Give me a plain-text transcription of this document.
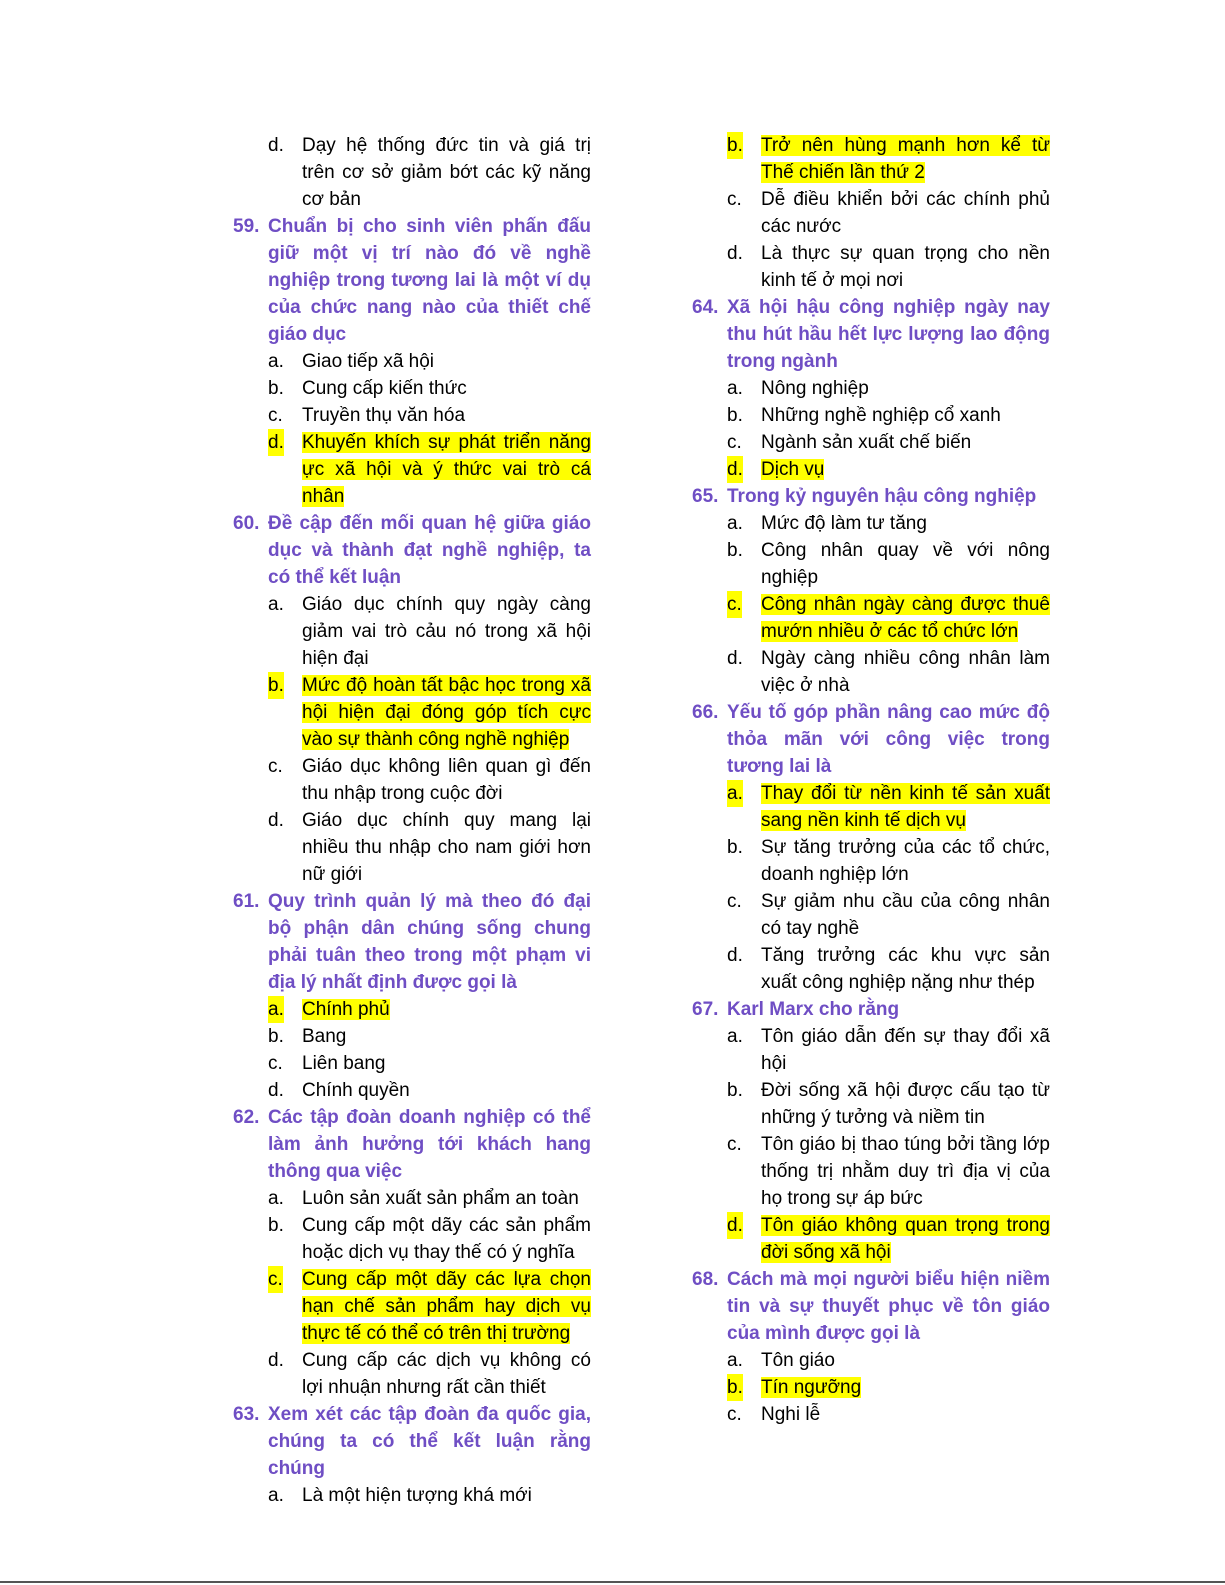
d. Dạy hệ thống đức tin và giá trị trên cơ sở giảm bớt các kỹ năng cơ bản
59. Chuẩn bị cho sinh viên phấn đấu giữ một vị trí nào đó về nghề nghiệp trong tương lai là một ví dụ của chức nang nào của thiết chế giáo dục
a. Giao tiếp xã hội
b. Cung cấp kiến thức
c. Truyền thụ văn hóa
d. Khuyến khích sự phát triển năng ực xã hội và ý thức vai trò cá nhân
60. Đề cập đến mối quan hệ giữa giáo dục và thành đạt nghề nghiệp, ta có thể kết luận
a. Giáo dục chính quy ngày càng giảm vai trò cảu nó trong xã hội hiện đại
b. Mức độ hoàn tất bậc học trong xã hội hiện đại đóng góp tích cực vào sự thành công nghề nghiệp
c. Giáo dục không liên quan gì đến thu nhập trong cuộc đời
d. Giáo dục chính quy mang lại nhiều thu nhập cho nam giới hơn nữ giới
61. Quy trình quản lý mà theo đó đại bộ phận dân chúng sống chung phải tuân theo trong một phạm vi địa lý nhất định được gọi là
a. Chính phủ
b. Bang
c. Liên bang
d. Chính quyền
62. Các tập đoàn doanh nghiệp có thể làm ảnh hưởng tới khách hang thông qua việc
a. Luôn sản xuất sản phẩm an toàn
b. Cung cấp một dãy các sản phẩm hoặc dịch vụ thay thế có ý nghĩa
c. Cung cấp một dãy các lựa chọn hạn chế sản phẩm hay dịch vụ thực tế có thể có trên thị trường
d. Cung cấp các dịch vụ không có lợi nhuận nhưng rất cần thiết
63. Xem xét các tập đoàn đa quốc gia, chúng ta có thể kết luận rằng chúng
a. Là một hiện tượng khá mới
b. Trở nên hùng mạnh hơn kể từ Thế chiến lần thứ 2
c. Dễ điều khiển bởi các chính phủ các nước
d. Là thực sự quan trọng cho nền kinh tế ở mọi nơi
64. Xã hội hậu công nghiệp ngày nay thu hút hầu hết lực lượng lao động trong ngành
a. Nông nghiệp
b. Những nghề nghiệp cổ xanh
c. Ngành sản xuất chế biến
d. Dịch vụ
65. Trong kỷ nguyên hậu công nghiệp
a. Mức độ làm tư tăng
b. Công nhân quay về với nông nghiệp
c. Công nhân ngày càng được thuê mướn nhiều ở các tổ chức lớn
d. Ngày càng nhiều công nhân làm việc ở nhà
66. Yếu tố góp phần nâng cao mức độ thỏa mãn với công việc trong tương lai là
a. Thay đổi từ nền kinh tế sản xuất sang nền kinh tế dịch vụ
b. Sự tăng trưởng của các tổ chức, doanh nghiệp lớn
c. Sự giảm nhu cầu của công nhân có tay nghề
d. Tăng trưởng các khu vực sản xuất công nghiệp nặng như thép
67. Karl Marx cho rằng
a. Tôn giáo dẫn đến sự thay đổi xã hội
b. Đời sống xã hội được cấu tạo từ những ý tưởng và niềm tin
c. Tôn giáo bị thao túng bởi tầng lớp thống trị nhằm duy trì địa vị của họ trong sự áp bức
d. Tôn giáo không quan trọng trong đời sống xã hội
68. Cách mà mọi người biểu hiện niềm tin và sự thuyết phục về tôn giáo của mình được gọi là
a. Tôn giáo
b. Tín ngưỡng
c. Nghi lễ
